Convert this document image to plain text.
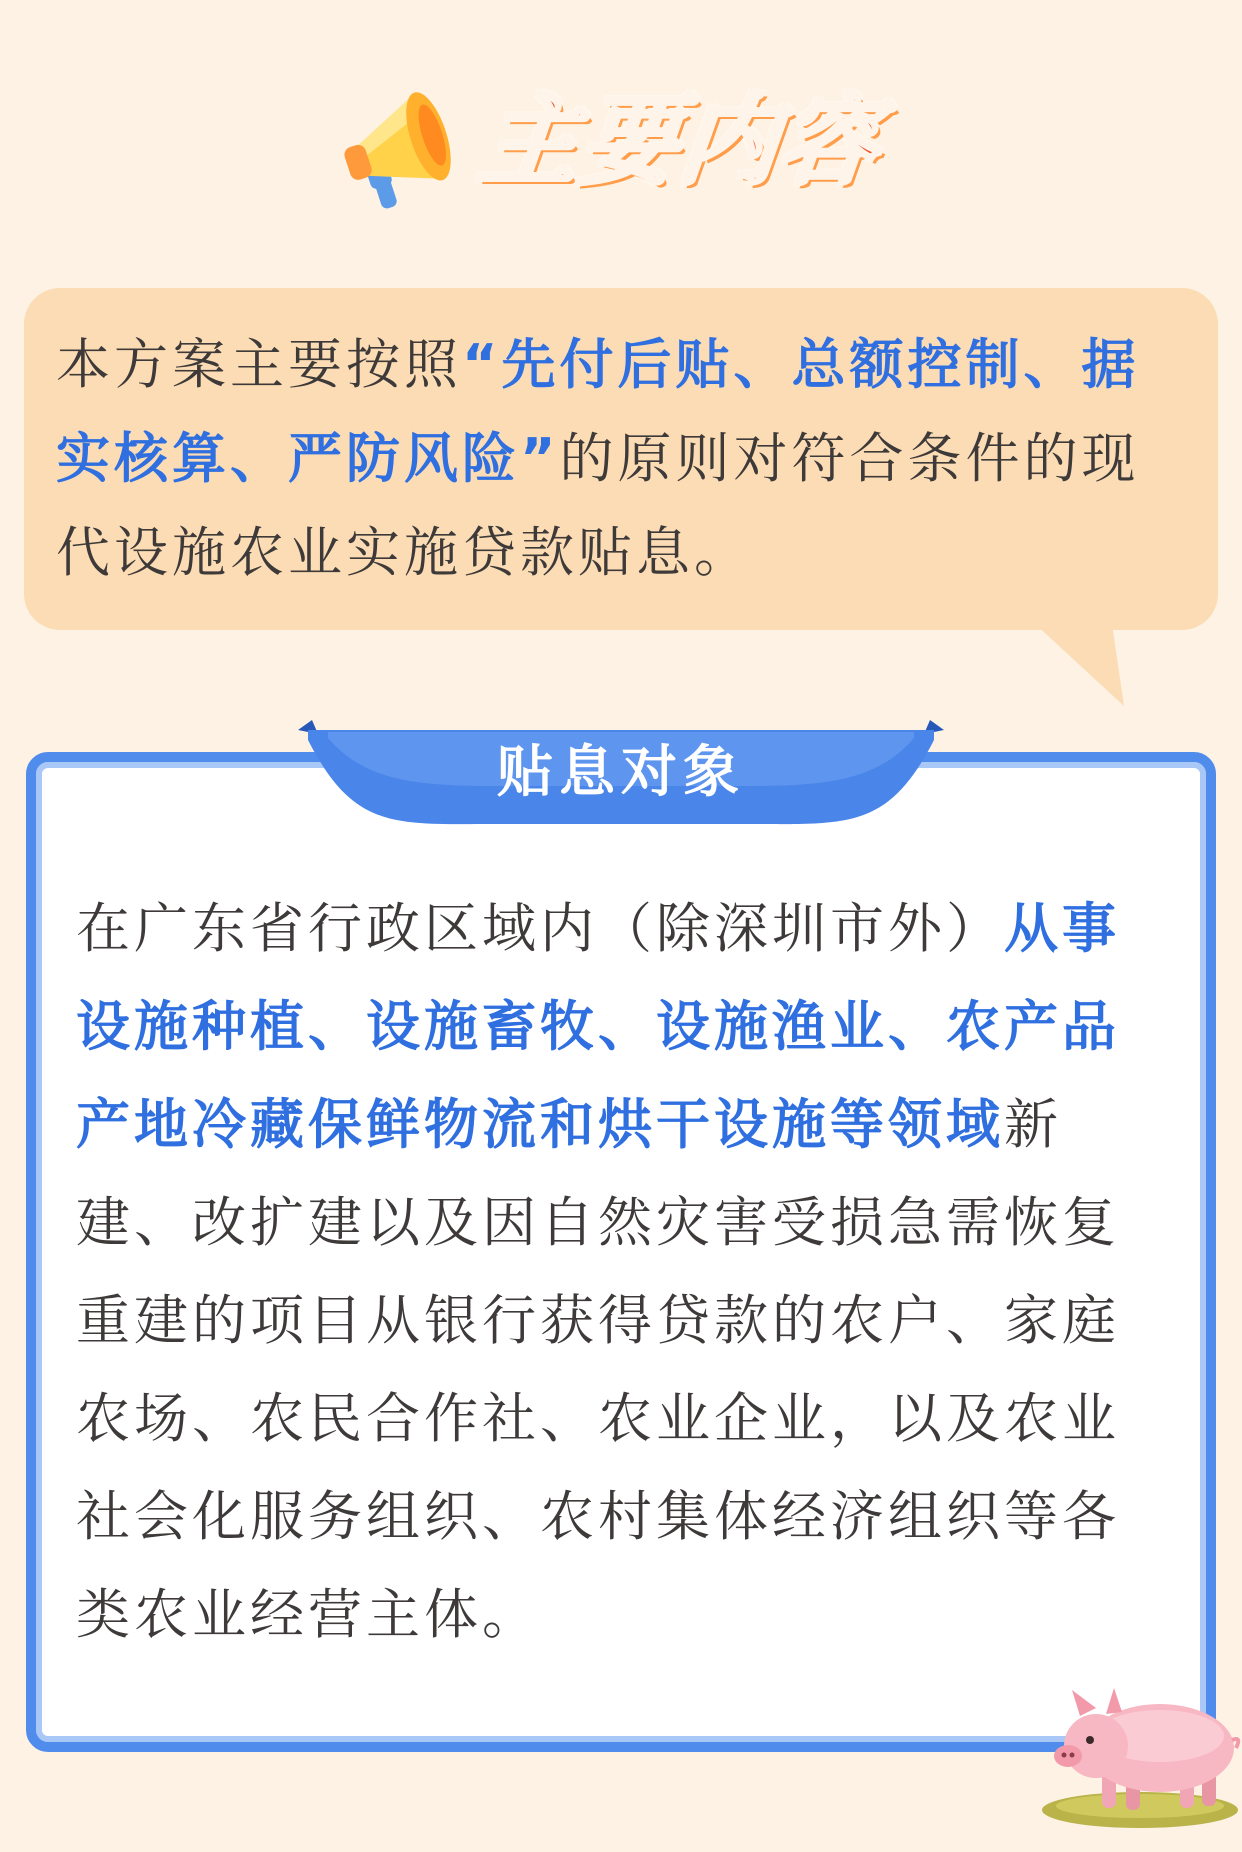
主要内容
本方案主要按照“先付后贴、总额控制、据实核算、严防风险”的原则对符合条件的现代设施农业实施贷款贴息。
贴息对象
在广东省行政区域内（除深圳市外）从事设施种植、设施畜牧、设施渔业、农产品产地冷藏保鲜物流和烘干设施等领域新建、改扩建以及因自然灾害受损急需恢复重建的项目从银行获得贷款的农户、家庭农场、农民合作社、农业企业，以及农业社会化服务组织、农村集体经济组织等各类农业经营主体。
